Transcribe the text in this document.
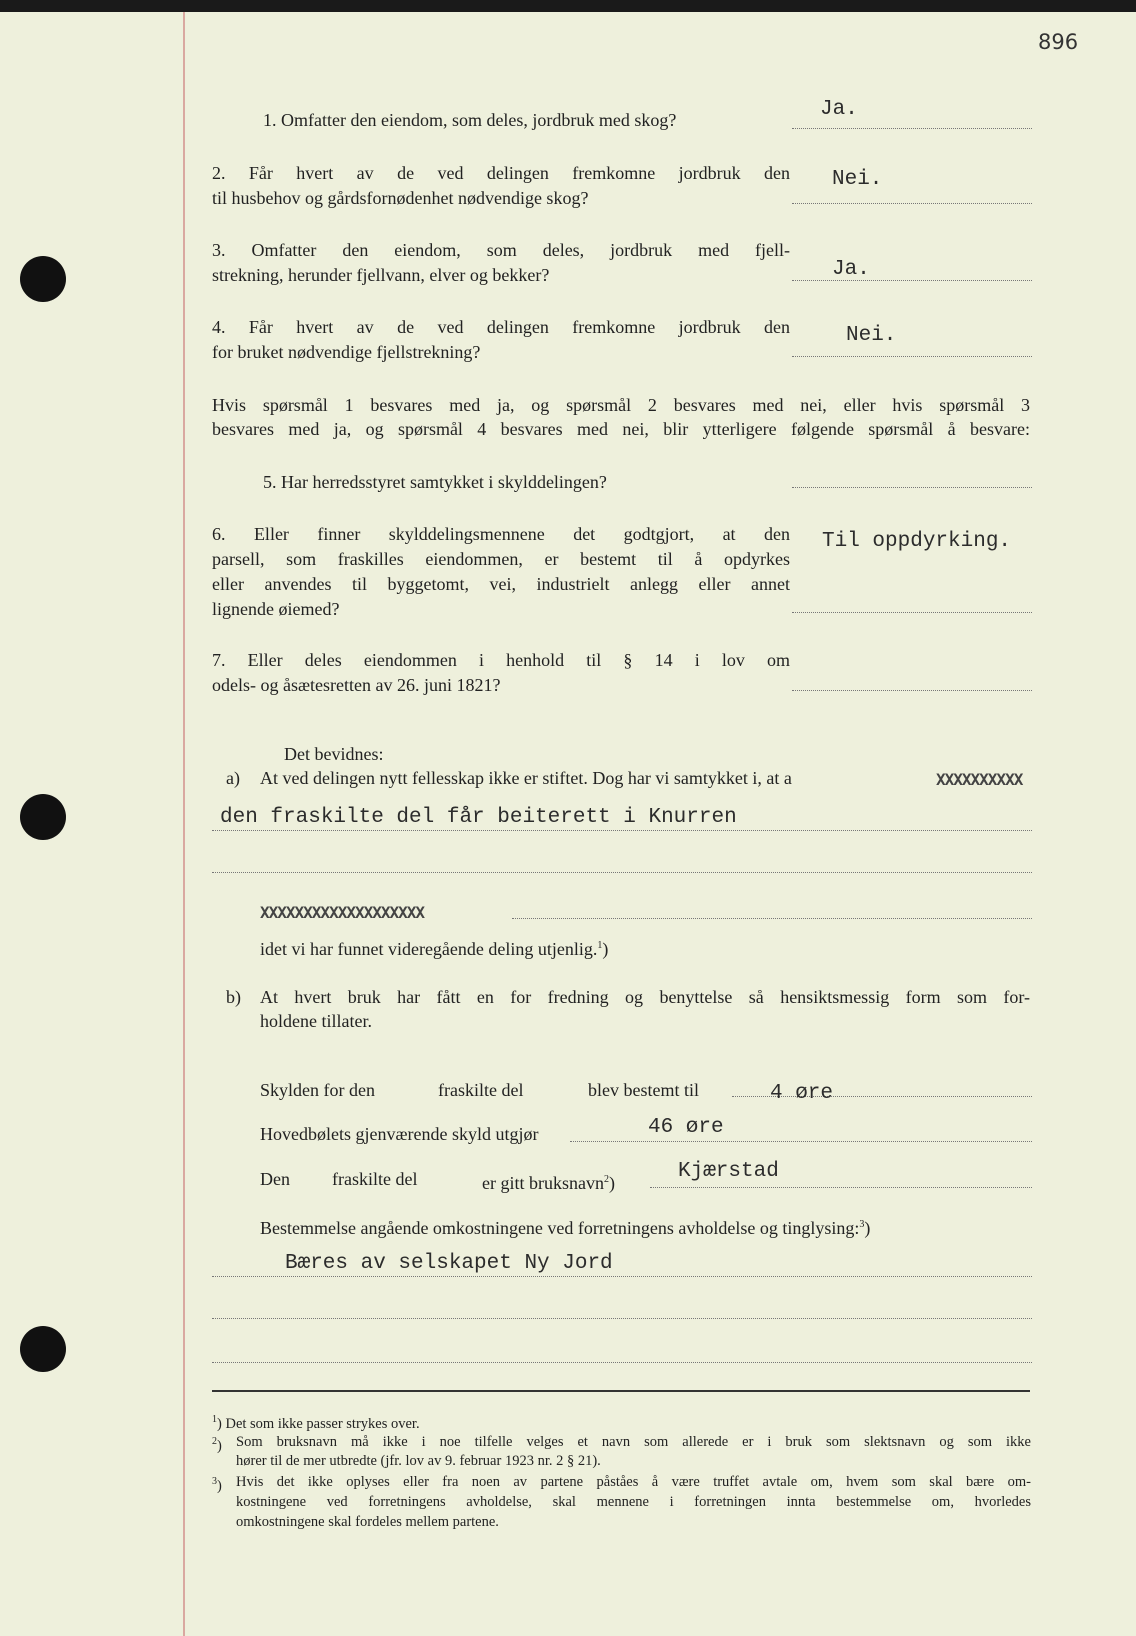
896
1. Omfatter den eiendom, som deles, jordbruk med skog?	Ja.
2. Får hvert av de ved delingen fremkomne jordbruk den
til husbehov og gårdsfornødenhet nødvendige skog?
Nei.
3. Omfatter den eiendom, som deles, jordbruk med fjell-
strekning, herunder fjellvann, elver og bekker?	Ja.
4. Får hvert av de ved delingen fremkomne jordbruk den
for bruket nødvendige fjellstrekning?
Nei.
Hvis spørsmål 1 besvares med ja, og spørsmål 2 besvares med nei, eller hvis spørsmål 3
besvares med ja, og spørsmål 4 besvares med nei, blir ytterligere følgende spørsmål å besvare:
5. Har herredsstyret samtykket i skylddelingen?
6. Eller finner skylddelingsmennene det godtgjort, at den
parsell, som fraskilles eiendommen, er bestemt til å opdyrkes
eller anvendes til byggetomt, vei, industrielt anlegg eller annet
lignende øiemed?
Til oppdyrking.
7. Eller deles eiendommen i henhold til § 14 i lov om
odels- og åsætesretten av 26. juni 1821?
Det bevidnes:
a) At ved delingen nytt fellesskap ikke er stiftet. Dog har vi samtykket i, at a	XXXXXXXXXX
den fraskilte del får beiterett i Knurren
XXXXXXXXXXXXXXXXXXX
idet vi har funnet videregående deling utjenlig.$^1$)
b) At hvert bruk har fått en for fredning og benyttelse så hensiktsmessig form som for-
holdene tillater.
Skylden for den	fraskilte del	blev bestemt til	4 øre
Hovedbølets gjenværende skyld utgjør	46 øre
Den fraskilte del	er gitt bruksnavn$^2$)	Kjærstad
Bestemmelse angående omkostningene ved forretningens avholdelse og tinglysing:$^3$)
Bæres av selskapet Ny Jord
$^1$) Det som ikke passer strykes over.
$^2$) Som bruksnavn må ikke i noe tilfelle velges et navn som allerede er i bruk som slektsnavn og som ikke
hører til de mer utbredte (jfr. lov av 9. februar 1923 nr. 2 § 21).
$^3$) Hvis det ikke oplyses eller fra noen av partene påståes å være truffet avtale om, hvem som skal bære om-
kostningene ved forretningens avholdelse, skal mennene i forretningen innta bestemmelse om, hvorledes
omkostningene skal fordeles mellem partene.
